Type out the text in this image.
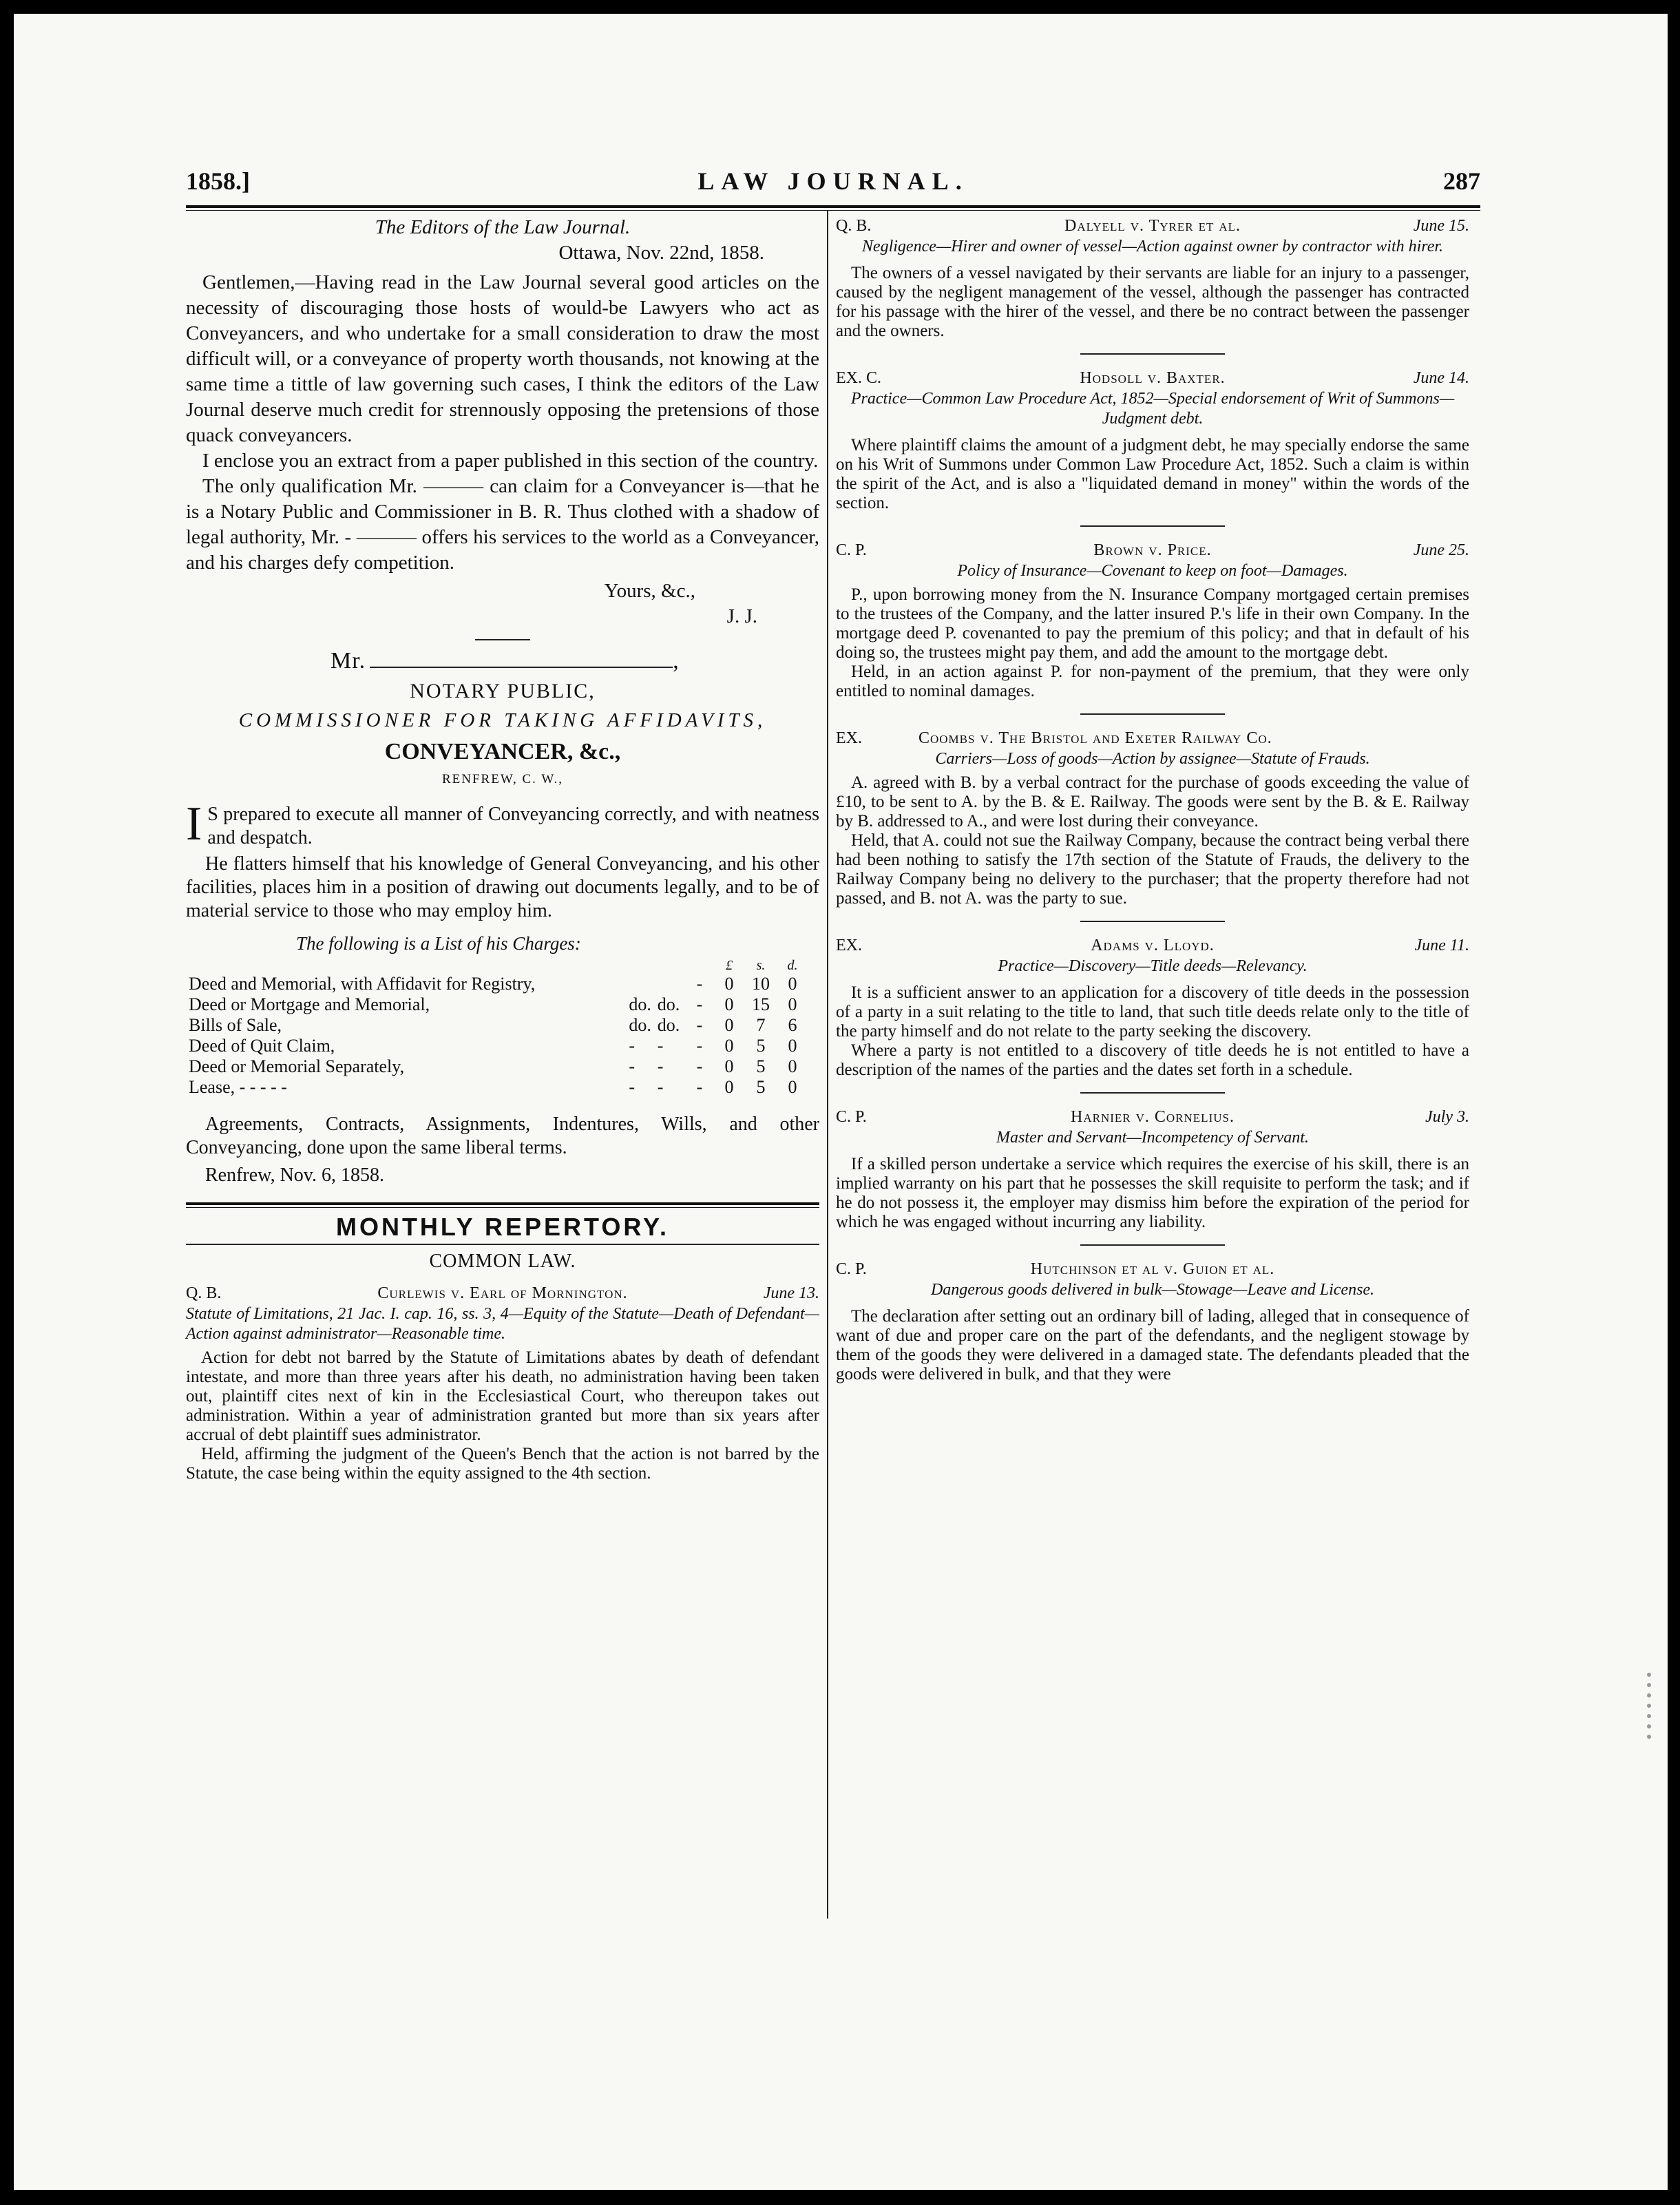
1858.]	LAW JOURNAL.	287

The Editors of the Law Journal.

Ottawa, Nov. 22nd, 1858.

Gentlemen,—Having read in the Law Journal several good articles on the necessity of discouraging those hosts of would-be Lawyers who act as Conveyancers, and who undertake for a small consideration to draw the most difficult will, or a conveyance of property worth thousands, not knowing at the same time a tittle of law governing such cases, I think the editors of the Law Journal deserve much credit for strennously opposing the pretensions of those quack conveyancers.

I enclose you an extract from a paper published in this section of the country.

The only qualification Mr. ——— can claim for a Conveyancer is—that he is a Notary Public and Commissioner in B. R. Thus clothed with a shadow of legal authority, Mr. - ——— offers his services to the world as a Conveyancer, and his charges defy competition.

Yours, &c.,

J. J.

Mr.	,
NOTARY PUBLIC,
COMMISSIONER FOR TAKING AFFIDAVITS,
CONVEYANCER, &c.,
RENFREW, C. W.,

I S prepared to execute all manner of Conveyancing correctly, and with neatness and despatch.

He flatters himself that his knowledge of General Conveyancing, and his other facilities, places him in a position of drawing out documents legally, and to be of material service to those who may employ him.

The following is a List of his Charges:
				£	s.	d.
Deed and Memorial, with Affidavit for Registry,			-	0	10	0
Deed or Mortgage and Memorial,	do.	do.	-	0	15	0
Bills of Sale,	do.	do.	-	0	7	6
Deed of Quit Claim,	-	-	-	0	5	0
Deed or Memorial Separately,	-	-	-	0	5	0
Lease, - - - - -	-	-	-	0	5	0

Agreements, Contracts, Assignments, Indentures, Wills, and other Conveyancing, done upon the same liberal terms.

Renfrew, Nov. 6, 1858.

MONTHLY REPERTORY.
COMMON LAW.
Q. B.	Curlewis v. Earl of Mornington.	June 13.

Statute of Limitations, 21 Jac. I. cap. 16, ss. 3, 4—Equity of the Statute—Death of Defendant—Action against administrator—Reasonable time.

Action for debt not barred by the Statute of Limitations abates by death of defendant intestate, and more than three years after his death, no administration having been taken out, plaintiff cites next of kin in the Ecclesiastical Court, who thereupon takes out administration. Within a year of administration granted but more than six years after accrual of debt plaintiff sues administrator.

Held, affirming the judgment of the Queen's Bench that the action is not barred by the Statute, the case being within the equity assigned to the 4th section.

Q. B.	Dalyell v. Tyrer et al.	June 15.

Negligence—Hirer and owner of vessel—Action against owner by contractor with hirer.

The owners of a vessel navigated by their servants are liable for an injury to a passenger, caused by the negligent management of the vessel, although the passenger has contracted for his passage with the hirer of the vessel, and there be no contract between the passenger and the owners.

EX. C.	Hodsoll v. Baxter.	June 14.

Practice—Common Law Procedure Act, 1852—Special endorsement of Writ of Summons—Judgment debt.

Where plaintiff claims the amount of a judgment debt, he may specially endorse the same on his Writ of Summons under Common Law Procedure Act, 1852. Such a claim is within the spirit of the Act, and is also a "liquidated demand in money" within the words of the section.

C. P.	Brown v. Price.	June 25.

Policy of Insurance—Covenant to keep on foot—Damages.

P., upon borrowing money from the N. Insurance Company mortgaged certain premises to the trustees of the Company, and the latter insured P.'s life in their own Company. In the mortgage deed P. covenanted to pay the premium of this policy; and that in default of his doing so, the trustees might pay them, and add the amount to the mortgage debt.

Held, in an action against P. for non-payment of the premium, that they were only entitled to nominal damages.

EX.	Coombs v. The Bristol and Exeter Railway Co.

Carriers—Loss of goods—Action by assignee—Statute of Frauds.

A. agreed with B. by a verbal contract for the purchase of goods exceeding the value of £10, to be sent to A. by the B. & E. Railway. The goods were sent by the B. & E. Railway by B. addressed to A., and were lost during their conveyance.

Held, that A. could not sue the Railway Company, because the contract being verbal there had been nothing to satisfy the 17th section of the Statute of Frauds, the delivery to the Railway Company being no delivery to the purchaser; that the property therefore had not passed, and B. not A. was the party to sue.

EX.	Adams v. Lloyd.	June 11.

Practice—Discovery—Title deeds—Relevancy.

It is a sufficient answer to an application for a discovery of title deeds in the possession of a party in a suit relating to the title to land, that such title deeds relate only to the title of the party himself and do not relate to the party seeking the discovery.

Where a party is not entitled to a discovery of title deeds he is not entitled to have a description of the names of the parties and the dates set forth in a schedule.

C. P.	Harnier v. Cornelius.	July 3.

Master and Servant—Incompetency of Servant.

If a skilled person undertake a service which requires the exercise of his skill, there is an implied warranty on his part that he possesses the skill requisite to perform the task; and if he do not possess it, the employer may dismiss him before the expiration of the period for which he was engaged without incurring any liability.

C. P.	Hutchinson et al v. Guion et al.

Dangerous goods delivered in bulk—Stowage—Leave and License.

The declaration after setting out an ordinary bill of lading, alleged that in consequence of want of due and proper care on the part of the defendants, and the negligent stowage by them of the goods they were delivered in a damaged state. The defendants pleaded that the goods were delivered in bulk, and that they were
